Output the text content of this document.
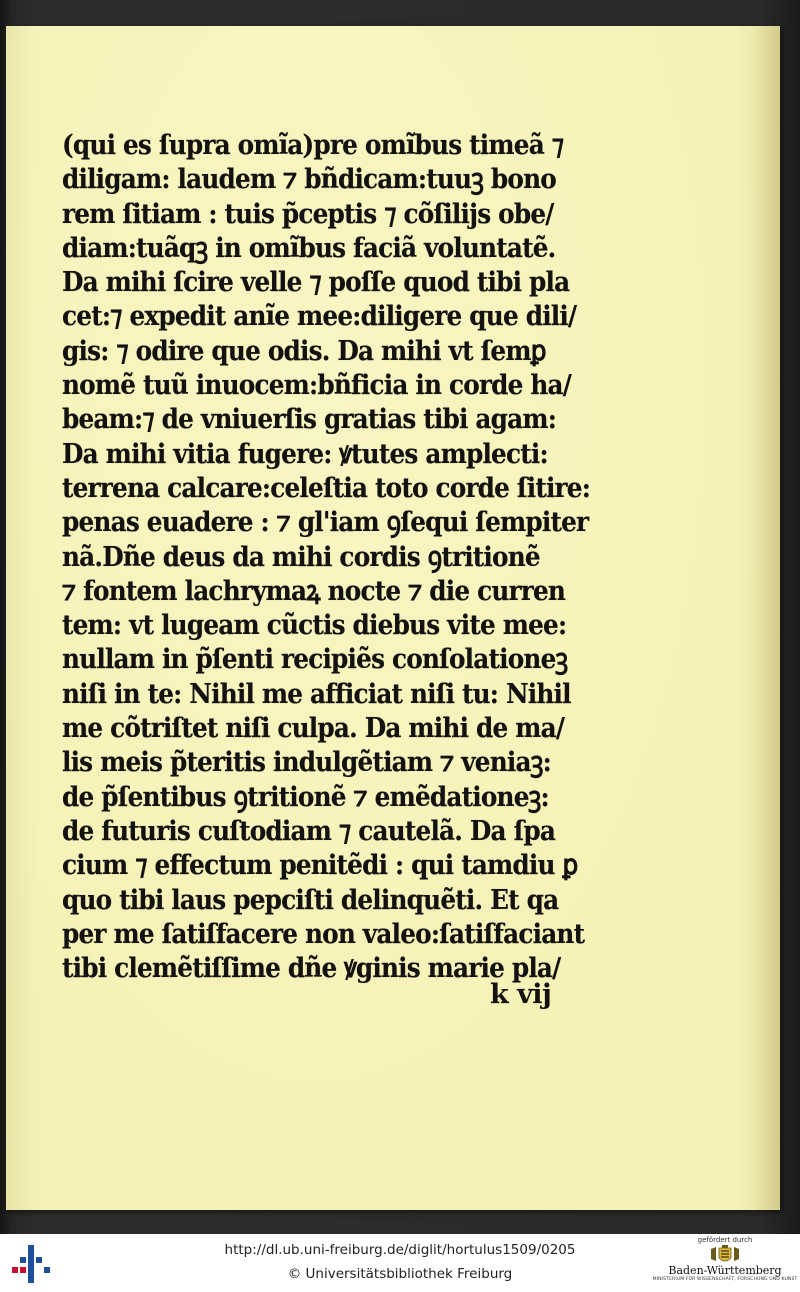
(qui es ſupra omĩa)pre omĩbus timeã ⁊
diligam: laudem ⁊ bñdicam:tuuꝫ bono
rem ſitiam : tuis p̃ceptis ⁊ cõſilijs obe/
diam:tuãqꝫ in omĩbus faciã voluntatẽ.
Da mihi ſcire velle ⁊ poſſe quod tibi pla
cet:⁊ expedit anĩe mee:diligere que dili/
gis: ⁊ odire que odis. Da mihi vt ſemꝑ
nomẽ tuũ inuocem:bñficia in corde ha/
beam:⁊ de vniuerſis gratias tibi agam:
Da mihi vitia fugere: ꝟtutes amplecti:
terrena calcare:celeſtia toto corde ſitire:
penas euadere : ⁊ gl'iam ꝯſequi ſempiter
nã.Dñe deus da mihi cordis ꝯtritionẽ
⁊ fontem lachrymaꝝ nocte ⁊ die curren
tem: vt lugeam cũctis diebus vite mee:
nullam in p̃ſenti recipiẽs conſolationeꝫ
niſi in te: Nihil me afficiat niſi tu: Nihil
me cõtriſtet niſi culpa. Da mihi de ma/
lis meis p̃teritis indulgẽtiam ⁊ veniaꝫ:
de p̃ſentibus ꝯtritionẽ ⁊ emẽdationeꝫ:
de futuris cuſtodiam ⁊ cautelã. Da ſpa
cium ⁊ effectum penitẽdi : qui tamdiu ꝑ
quo tibi laus pepciſti delinquẽti. Et qa
per me ſatiſfacere non valeo:ſatiſfaciant
tibi clemẽtiſſime dñe ꝟginis marie pla/
k vij
http://dl.ub.uni-freiburg.de/diglit/hortulus1509/0205
© Universitätsbibliothek Freiburg
gefördert durch
Baden-Württemberg
MINISTERIUM FÜR WISSENSCHAFT, FORSCHUNG UND KUNST
